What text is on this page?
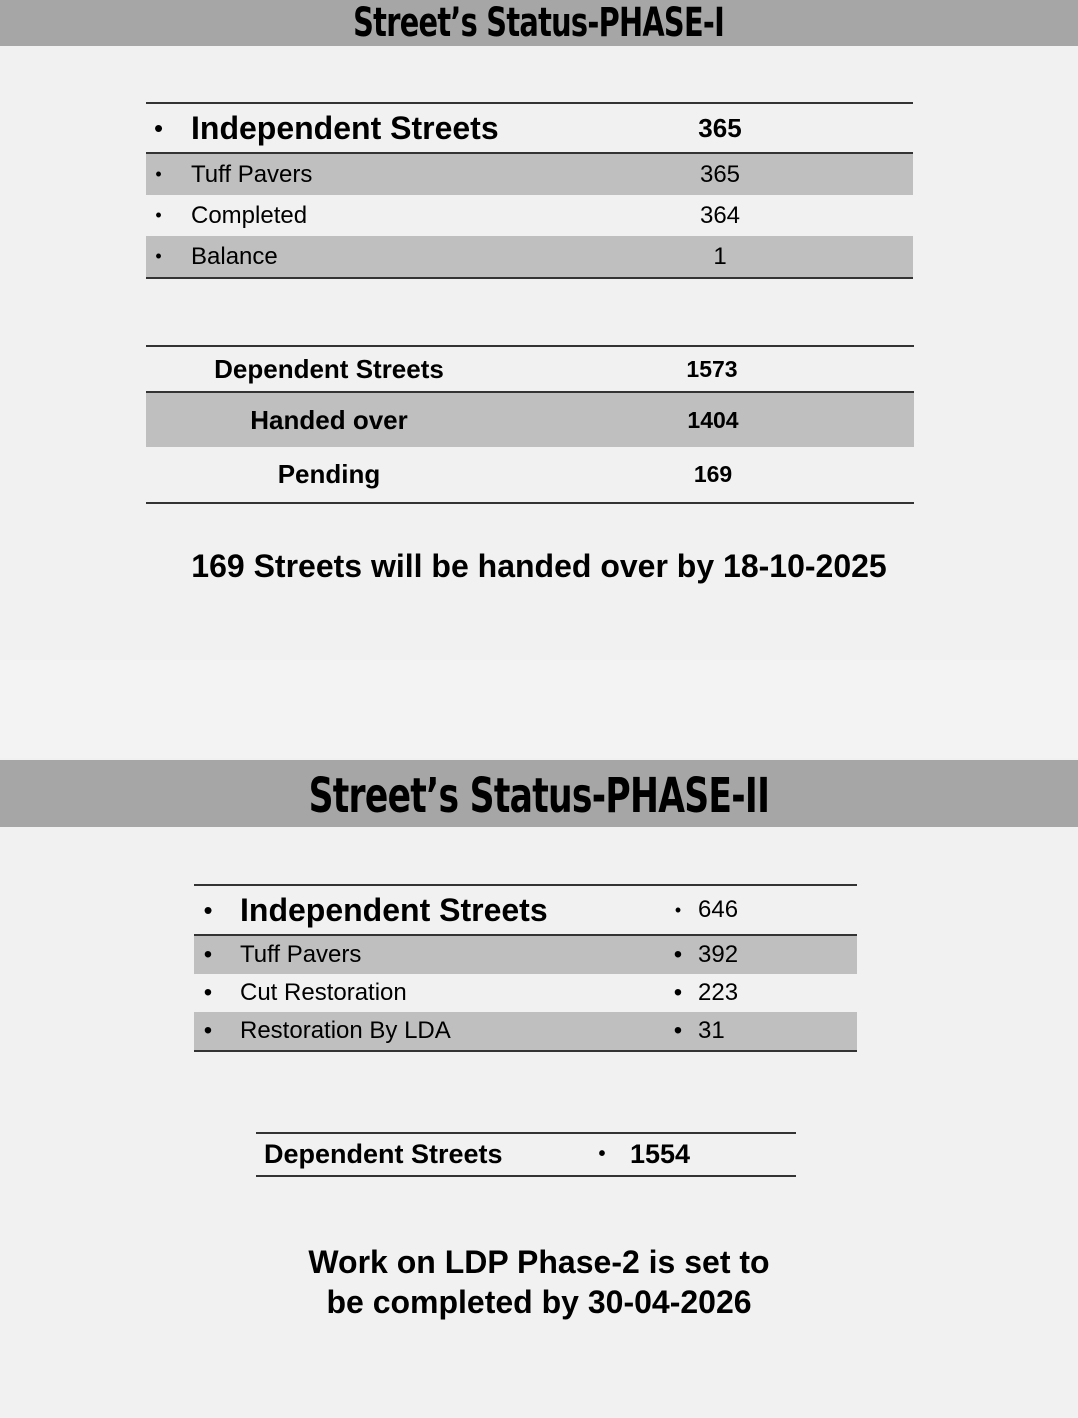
Street’s Status-PHASE-I
•	Independent Streets	365	
•	Tuff Pavers	365	
•	Completed	364	
•	Balance	1	
Dependent Streets	1573
Handed over	1404
Pending	169
169 Streets will be handed over by 18-10-2025
Street’s Status-PHASE-II
•	Independent Streets	•	646
•	Tuff Pavers	•	392
•	Cut Restoration	•	223
•	Restoration By LDA	•	31
Dependent Streets	•	1554
Work on LDP Phase-2 is set to
be completed by 30-04-2026
